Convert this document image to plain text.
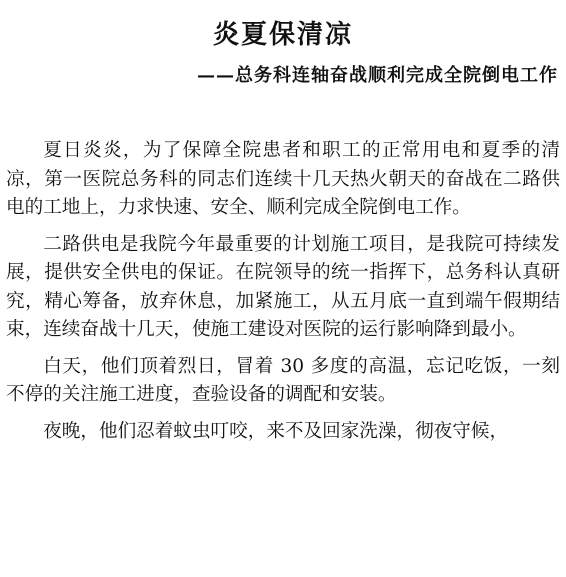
炎夏保清凉
——总务科连轴奋战顺利完成全院倒电工作

夏日炎炎，为了保障全院患者和职工的正常用电和夏季的清凉，第一医院总务科的同志们连续十几天热火朝天的奋战在二路供电的工地上，力求快速、安全、顺利完成全院倒电工作。

二路供电是我院今年最重要的计划施工项目，是我院可持续发展，提供安全供电的保证。在院领导的统一指挥下，总务科认真研究，精心筹备，放弃休息，加紧施工，从五月底一直到端午假期结束，连续奋战十几天，使施工建设对医院的运行影响降到最小。

白天，他们顶着烈日，冒着 30 多度的高温，忘记吃饭，一刻不停的关注施工进度，查验设备的调配和安装。

夜晚，他们忍着蚊虫叮咬，来不及回家洗澡，彻夜守候，
